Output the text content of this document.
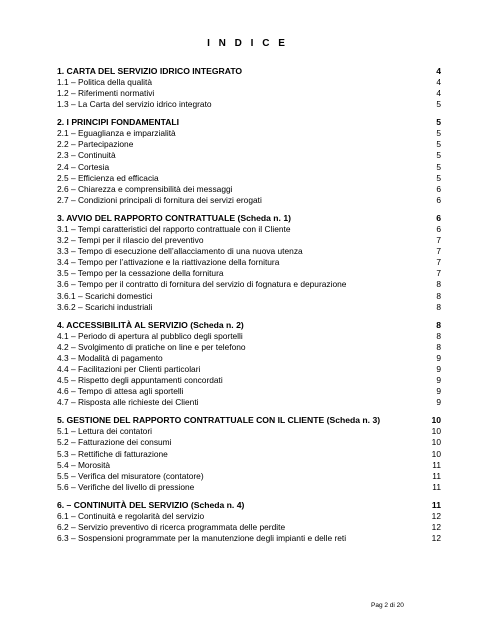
I N D I C E
1. CARTA DEL SERVIZIO IDRICO INTEGRATO	4
1.1 – Politica della qualità	4
1.2 – Riferimenti normativi	4
1.3 – La Carta del servizio idrico integrato	5
2. I PRINCIPI FONDAMENTALI	5
2.1 – Eguaglianza e imparzialità	5
2.2 – Partecipazione	5
2.3 – Continuità	5
2.4 – Cortesia	5
2.5 – Efficienza ed efficacia	5
2.6 – Chiarezza e comprensibilità dei messaggi	6
2.7 – Condizioni principali di fornitura dei servizi erogati	6
3. AVVIO DEL RAPPORTO CONTRATTUALE (Scheda n. 1)	6
3.1 – Tempi caratteristici del rapporto contrattuale con il Cliente	6
3.2 – Tempi per il rilascio del preventivo	7
3.3 – Tempo di esecuzione dell’allacciamento di una nuova utenza	7
3.4 – Tempo per l’attivazione e la riattivazione della fornitura	7
3.5 – Tempo per la cessazione della fornitura	7
3.6 – Tempo per il contratto di fornitura del servizio di fognatura e depurazione	8
3.6.1 – Scarichi domestici	8
3.6.2 – Scarichi industriali	8
4. ACCESSIBILITÀ AL SERVIZIO (Scheda n. 2)	8
4.1 – Periodo di apertura al pubblico degli sportelli	8
4.2 – Svolgimento di pratiche on line e per telefono	8
4.3 – Modalità di pagamento	9
4.4 – Facilitazioni per Clienti particolari	9
4.5 – Rispetto degli appuntamenti concordati	9
4.6 – Tempo di attesa agli sportelli	9
4.7 – Risposta alle richieste dei Clienti	9
5. GESTIONE DEL RAPPORTO CONTRATTUALE CON IL CLIENTE (Scheda n. 3)	10
5.1 – Lettura dei contatori	10
5.2 – Fatturazione dei consumi	10
5.3 – Rettifiche di fatturazione	10
5.4 – Morosità	11
5.5 – Verifica del misuratore (contatore)	11
5.6 – Verifiche del livello di pressione	11
6. – CONTINUITÀ DEL SERVIZIO (Scheda n. 4)	11
6.1 – Continuità e regolarità del servizio	12
6.2 – Servizio preventivo di ricerca programmata delle perdite	12
6.3 – Sospensioni programmate per la manutenzione degli impianti e delle reti	12
Pag 2 di 20
